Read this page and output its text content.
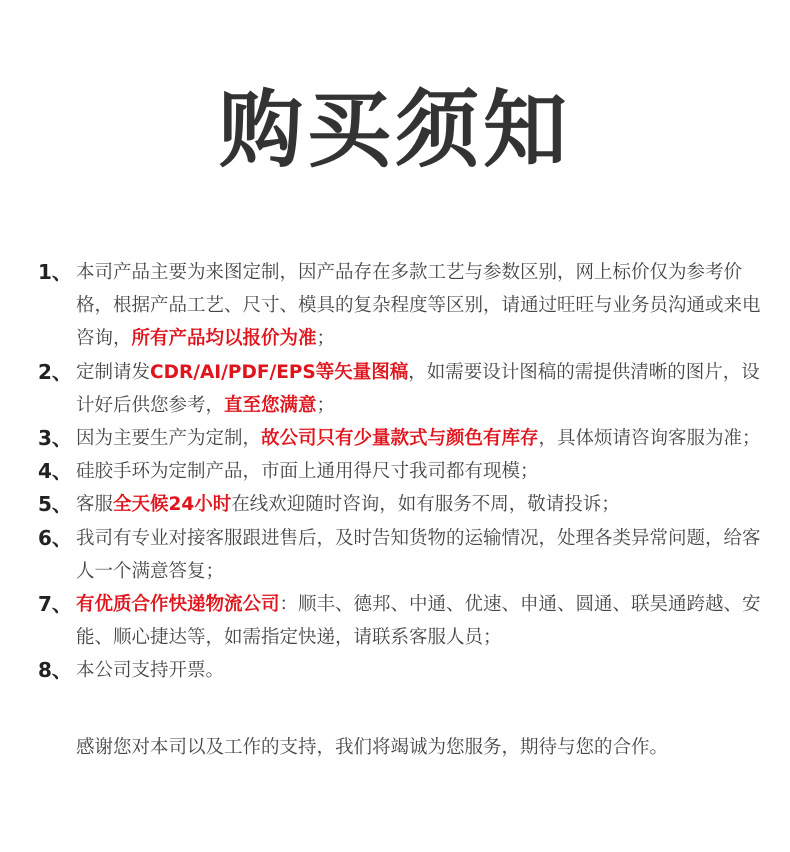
购买须知
1、 本司产品主要为来图定制，因产品存在多款工艺与参数区别，网上标价仅为参考价格，根据产品工艺、尺寸、模具的复杂程度等区别，请通过旺旺与业务员沟通或来电咨询，所有产品均以报价为准；
2、 定制请发CDR/AI/PDF/EPS等矢量图稿，如需要设计图稿的需提供清晰的图片，设计好后供您参考，直至您满意；
3、 因为主要生产为定制，故公司只有少量款式与颜色有库存，具体烦请咨询客服为准；
4、 硅胶手环为定制产品，市面上通用得尺寸我司都有现模；
5、 客服全天候24小时在线欢迎随时咨询，如有服务不周，敬请投诉；
6、 我司有专业对接客服跟进售后，及时告知货物的运输情况，处理各类异常问题，给客人一个满意答复；
7、 有优质合作快递物流公司：顺丰、德邦、中通、优速、申通、圆通、联昊通跨越、安能、顺心捷达等，如需指定快递，请联系客服人员；
8、 本公司支持开票。
感谢您对本司以及工作的支持，我们将竭诚为您服务，期待与您的合作。
